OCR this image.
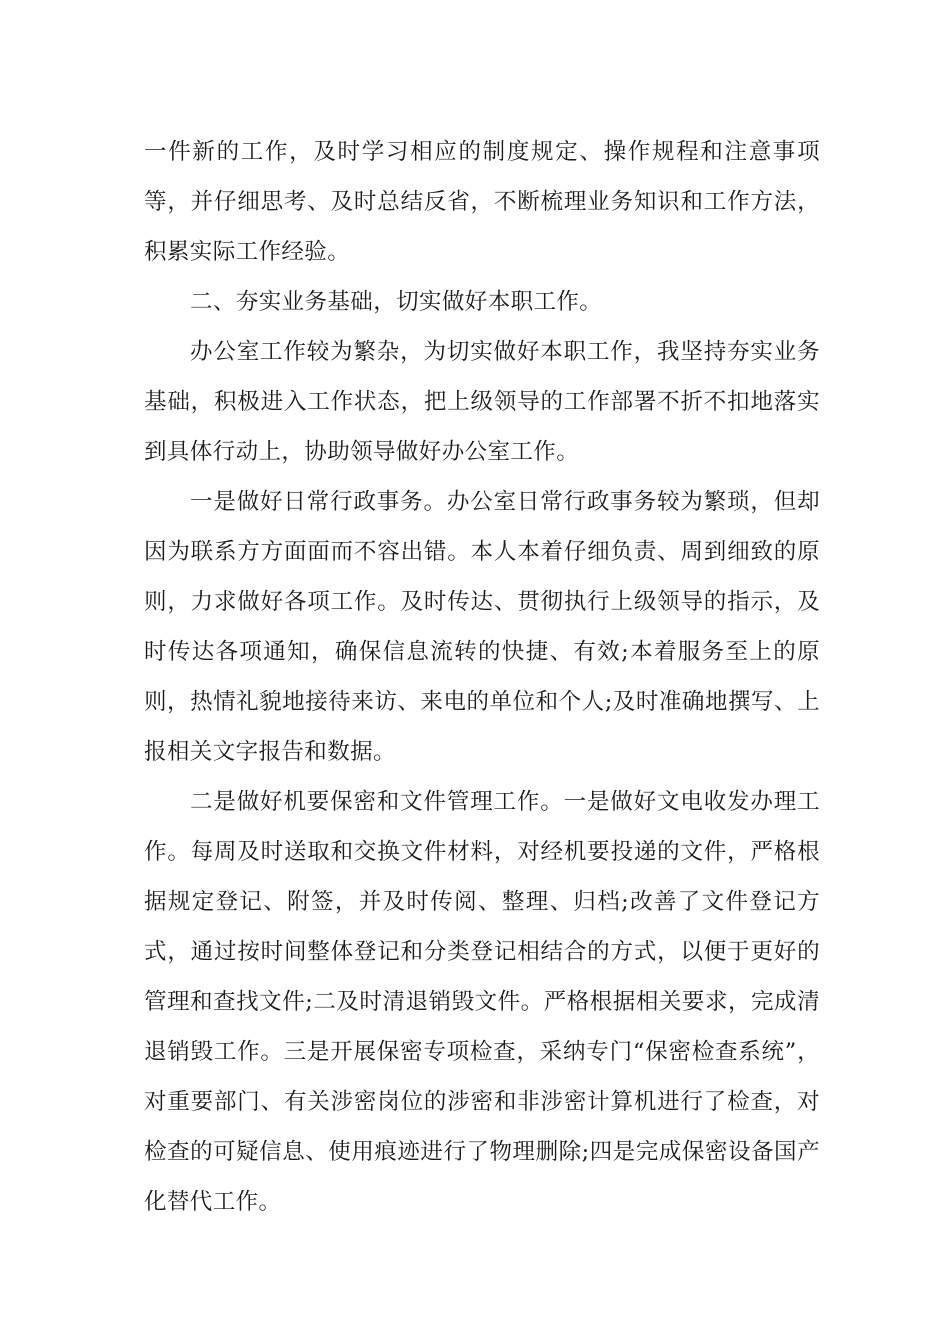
一件新的工作，及时学习相应的制度规定、操作规程和注意事项等，并仔细思考、及时总结反省，不断梳理业务知识和工作方法，积累实际工作经验。

二、夯实业务基础，切实做好本职工作。

办公室工作较为繁杂，为切实做好本职工作，我坚持夯实业务基础，积极进入工作状态，把上级领导的工作部署不折不扣地落实到具体行动上，协助领导做好办公室工作。

一是做好日常行政事务。办公室日常行政事务较为繁琐，但却因为联系方方面面而不容出错。本人本着仔细负责、周到细致的原则，力求做好各项工作。及时传达、贯彻执行上级领导的指示，及时传达各项通知，确保信息流转的快捷、有效;本着服务至上的原则，热情礼貌地接待来访、来电的单位和个人;及时准确地撰写、上报相关文字报告和数据。

二是做好机要保密和文件管理工作。一是做好文电收发办理工作。每周及时送取和交换文件材料，对经机要投递的文件，严格根据规定登记、附签，并及时传阅、整理、归档;改善了文件登记方式，通过按时间整体登记和分类登记相结合的方式，以便于更好的管理和查找文件;二及时清退销毁文件。严格根据相关要求，完成清退销毁工作。三是开展保密专项检查，采纳专门“保密检查系统”，对重要部门、有关涉密岗位的涉密和非涉密计算机进行了检查，对检查的可疑信息、使用痕迹进行了物理删除;四是完成保密设备国产化替代工作。
